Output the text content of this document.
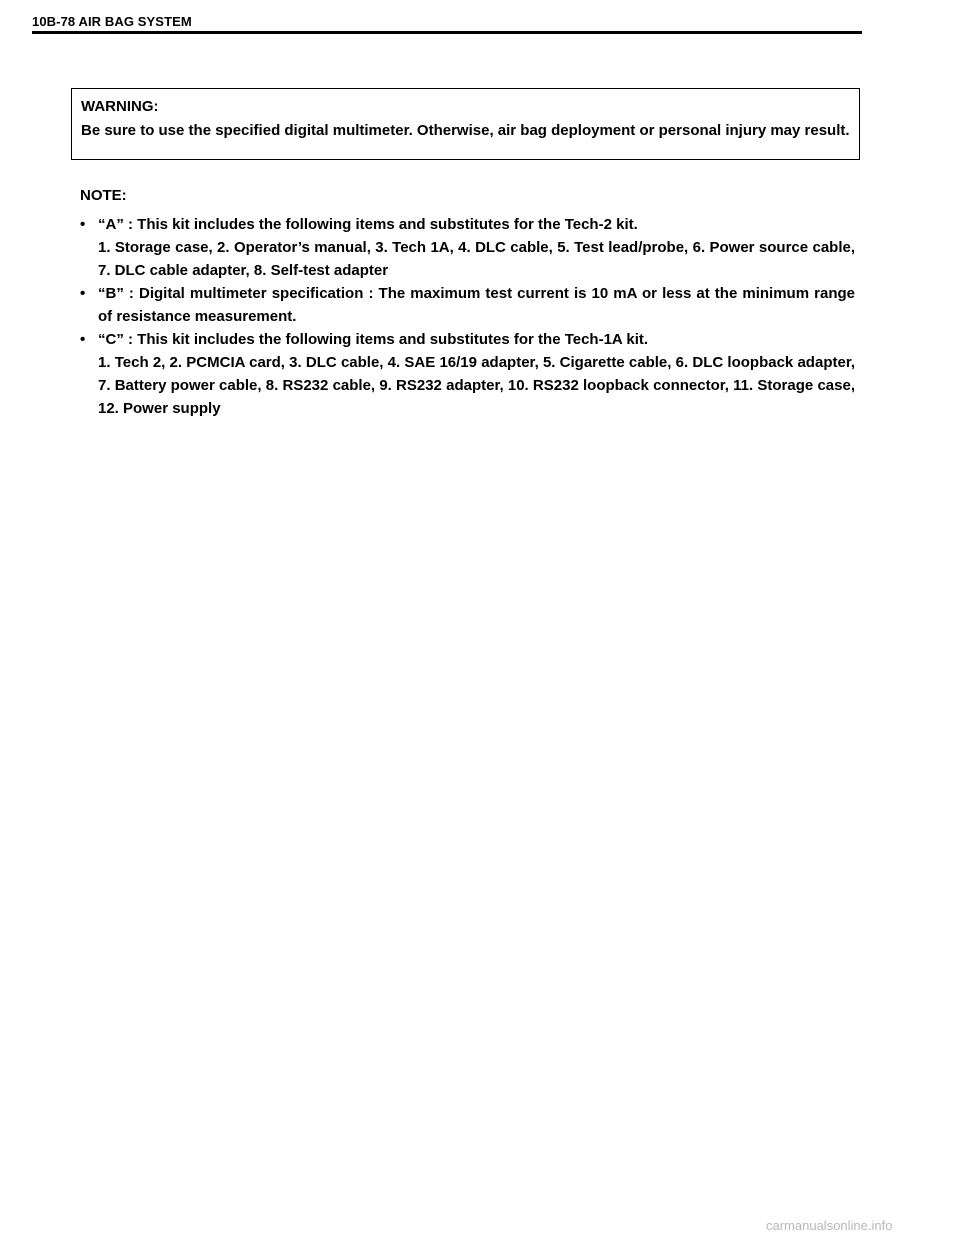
10B-78 AIR BAG SYSTEM
WARNING:
Be sure to use the specified digital multimeter. Otherwise, air bag deployment or personal injury may result.
NOTE:
• “A” : This kit includes the following items and substitutes for the Tech-2 kit.
1. Storage case, 2. Operator’s manual, 3. Tech 1A, 4. DLC cable, 5. Test lead/probe, 6. Power source cable, 7. DLC cable adapter, 8. Self-test adapter
• “B” : Digital multimeter specification : The maximum test current is 10 mA or less at the minimum range of resistance measurement.
• “C” : This kit includes the following items and substitutes for the Tech-1A kit.
1. Tech 2, 2. PCMCIA card, 3. DLC cable, 4. SAE 16/19 adapter, 5. Cigarette cable, 6. DLC loopback adapter, 7. Battery power cable, 8. RS232 cable, 9. RS232 adapter, 10. RS232 loopback connector, 11. Storage case, 12. Power supply
carmanualsonline.info
